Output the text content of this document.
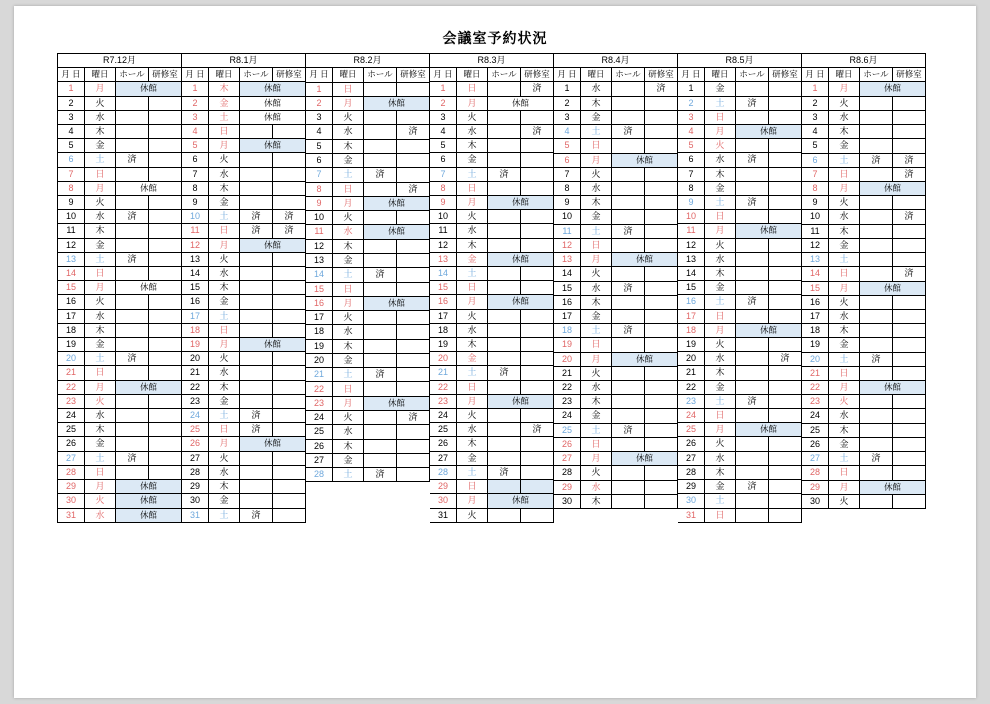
会議室予約状況
R7.12月			
月 日	曜日	ホール	研修室
1	月	休館	
2	火		
3	水		
4	木		
5	金		
6	土	済	
7	日		
8	月	休館	
9	火		
10	水	済	
11	木		
12	金		
13	土	済	
14	日		
15	月	休館	
16	火		
17	水		
18	木		
19	金		
20	土	済	
21	日		
22	月	休館	
23	火		
24	水		
25	木		
26	金		
27	土	済	
28	日		
29	月	休館	
30	火	休館	
31	水	休館	
R8.1月			
月 日	曜日	ホール	研修室
1	木	休館	
2	金	休館	
3	土	休館	
4	日		
5	月	休館	
6	火		
7	水		
8	木		
9	金		
10	土	済	済
11	日	済	済
12	月	休館	
13	火		
14	水		
15	木		
16	金		
17	土		
18	日		
19	月	休館	
20	火		
21	水		
22	木		
23	金		
24	土	済	
25	日	済	
26	月	休館	
27	火		
28	水		
29	木		
30	金		
31	土	済	
R8.2月			
月 日	曜日	ホール	研修室
1	日		
2	月	休館	
3	火		
4	水		済
5	木		
6	金		
7	土	済	
8	日		済
9	月	休館	
10	火		
11	水	休館	
12	木		
13	金		
14	土	済	
15	日		
16	月	休館	
17	火		
18	水		
19	木		
20	金		
21	土	済	
22	日		
23	月	休館	
24	火		済
25	水		
26	木		
27	金		
28	土	済	

R8.3月			
月 日	曜日	ホール	研修室
1	日		済
2	月	休館	
3	火		
4	水		済
5	木		
6	金		
7	土	済	
8	日		
9	月	休館	
10	火		
11	水		
12	木		
13	金	休館	
14	土		
15	日		
16	月	休館	
17	火		
18	水		
19	木		
20	金		
21	土	済	
22	日		
23	月	休館	
24	火		
25	水		済
26	木		
27	金		
28	土	済	
29	日		
30	月	休館	
31	火		
R8.4月			
月 日	曜日	ホール	研修室
1	水		済
2	木		
3	金		
4	土	済	
5	日		
6	月	休館	
7	火		
8	水		
9	木		
10	金		
11	土	済	
12	日		
13	月	休館	
14	火		
15	水	済	
16	木		
17	金		
18	土	済	
19	日		
20	月	休館	
21	火		
22	水		
23	木		
24	金		
25	土	済	
26	日		
27	月	休館	
28	火		
29	水		
30	木		

R8.5月			
月 日	曜日	ホール	研修室
1	金		
2	土	済	
3	日		
4	月	休館	
5	火		
6	水	済	
7	木		
8	金		
9	土	済	
10	日		
11	月	休館	
12	火		
13	水		
14	木		
15	金		
16	土	済	
17	日		
18	月	休館	
19	火		
20	水		済
21	木		
22	金		
23	土	済	
24	日		
25	月	休館	
26	火		
27	水		
28	木		
29	金	済	
30	土		
31	日		
R8.6月			
月 日	曜日	ホール	研修室
1	月	休館	
2	火		
3	水		
4	木		
5	金		
6	土	済	済
7	日		済
8	月	休館	
9	火		
10	水		済
11	木		
12	金		
13	土		
14	日		済
15	月	休館	
16	火		
17	水		
18	木		
19	金		
20	土	済	
21	日		
22	月	休館	
23	火		
24	水		
25	木		
26	金		
27	土	済	
28	日		
29	月	休館	
30	火		
